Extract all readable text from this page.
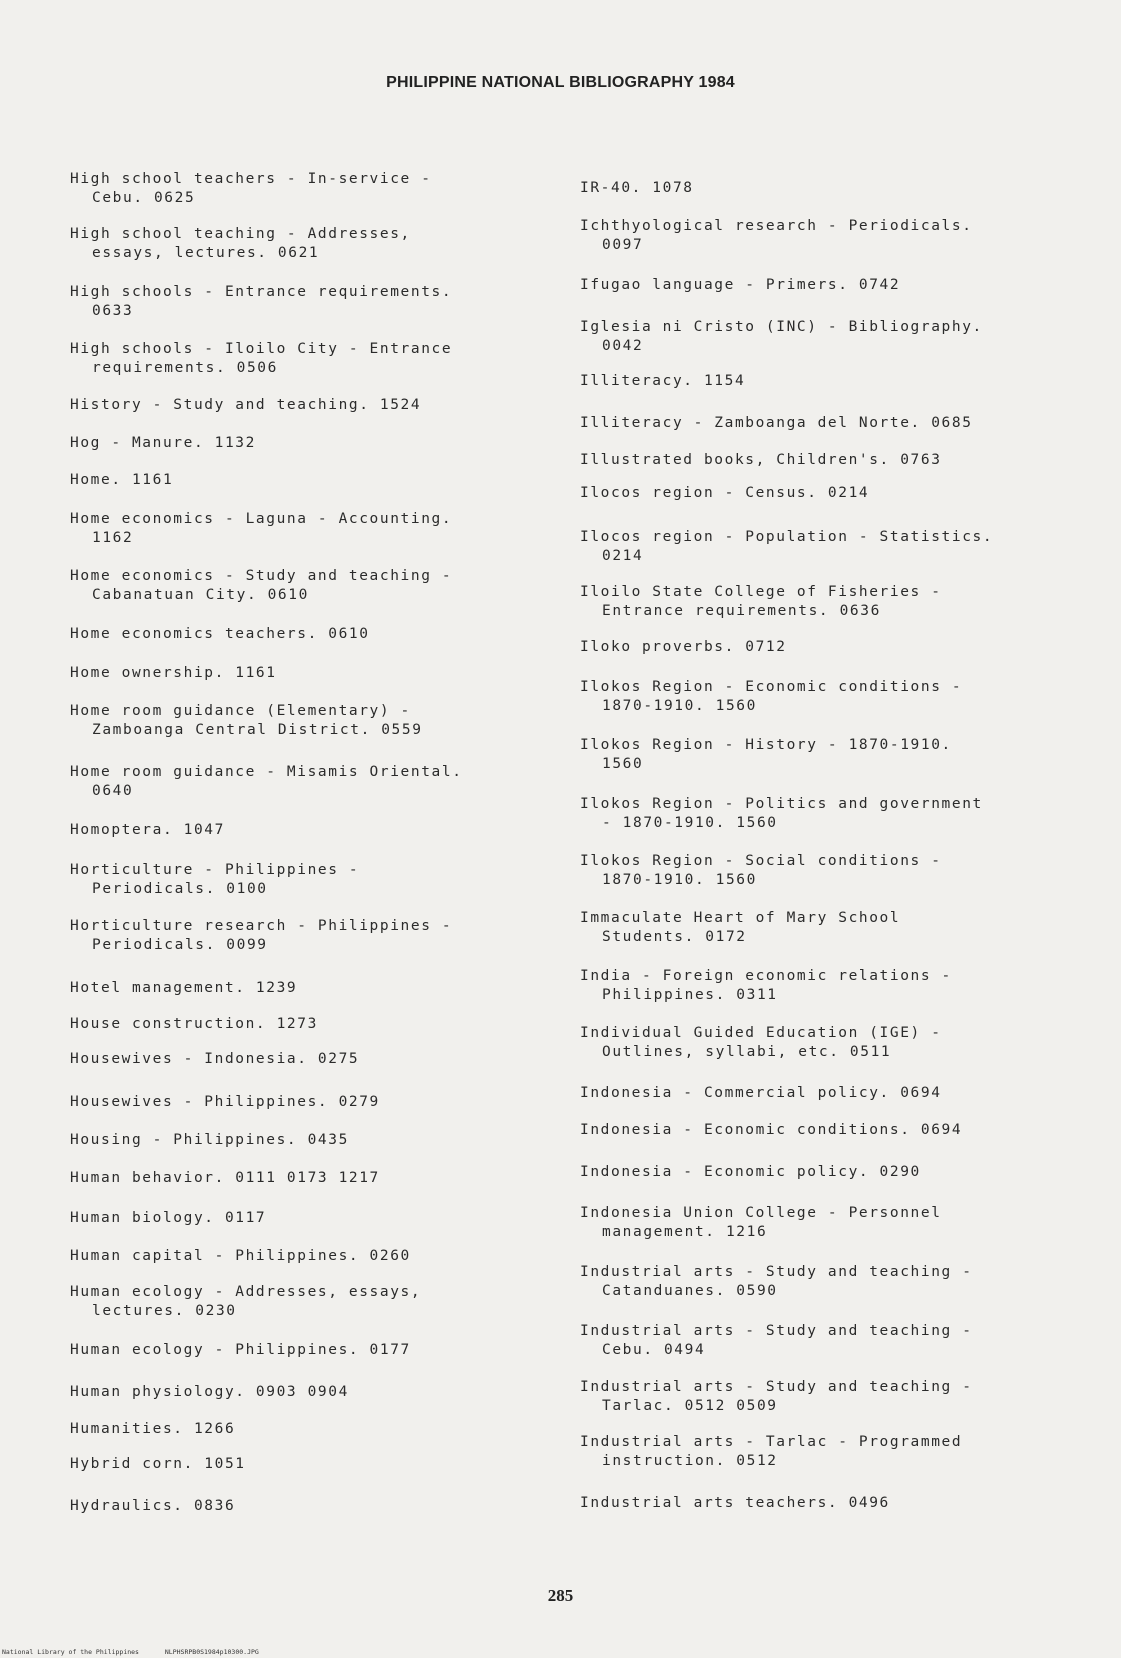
PHILIPPINE NATIONAL BIBLIOGRAPHY 1984
High school teachers - In-service -
Cebu. 0625
High school teaching - Addresses,
essays, lectures. 0621
High schools - Entrance requirements.
0633
High schools - Iloilo City - Entrance
requirements. 0506
History - Study and teaching. 1524
Hog - Manure. 1132
Home. 1161
Home economics - Laguna - Accounting.
1162
Home economics - Study and teaching -
Cabanatuan City. 0610
Home economics teachers. 0610
Home ownership. 1161
Home room guidance (Elementary) -
Zamboanga Central District. 0559
Home room guidance - Misamis Oriental.
0640
Homoptera. 1047
Horticulture - Philippines -
Periodicals. 0100
Horticulture research - Philippines -
Periodicals. 0099
Hotel management. 1239
House construction. 1273
Housewives - Indonesia. 0275
Housewives - Philippines. 0279
Housing - Philippines. 0435
Human behavior. 0111 0173 1217
Human biology. 0117
Human capital - Philippines. 0260
Human ecology - Addresses, essays,
lectures. 0230
Human ecology - Philippines. 0177
Human physiology. 0903 0904
Humanities. 1266
Hybrid corn. 1051
Hydraulics. 0836
IR-40. 1078
Ichthyological research - Periodicals.
0097
Ifugao language - Primers. 0742
Iglesia ni Cristo (INC) - Bibliography.
0042
Illiteracy. 1154
Illiteracy - Zamboanga del Norte. 0685
Illustrated books, Children's. 0763
Ilocos region - Census. 0214
Ilocos region - Population - Statistics.
0214
Iloilo State College of Fisheries -
Entrance requirements. 0636
Iloko proverbs. 0712
Ilokos Region - Economic conditions -
1870-1910. 1560
Ilokos Region - History - 1870-1910.
1560
Ilokos Region - Politics and government
- 1870-1910. 1560
Ilokos Region - Social conditions -
1870-1910. 1560
Immaculate Heart of Mary School
Students. 0172
India - Foreign economic relations -
Philippines. 0311
Individual Guided Education (IGE) -
Outlines, syllabi, etc. 0511
Indonesia - Commercial policy. 0694
Indonesia - Economic conditions. 0694
Indonesia - Economic policy. 0290
Indonesia Union College - Personnel
management. 1216
Industrial arts - Study and teaching -
Catanduanes. 0590
Industrial arts - Study and teaching -
Cebu. 0494
Industrial arts - Study and teaching -
Tarlac. 0512 0509
Industrial arts - Tarlac - Programmed
instruction. 0512
Industrial arts teachers. 0496
285
National Library of the Philippines	NLPHSRPB0S1984p10300.JPG
